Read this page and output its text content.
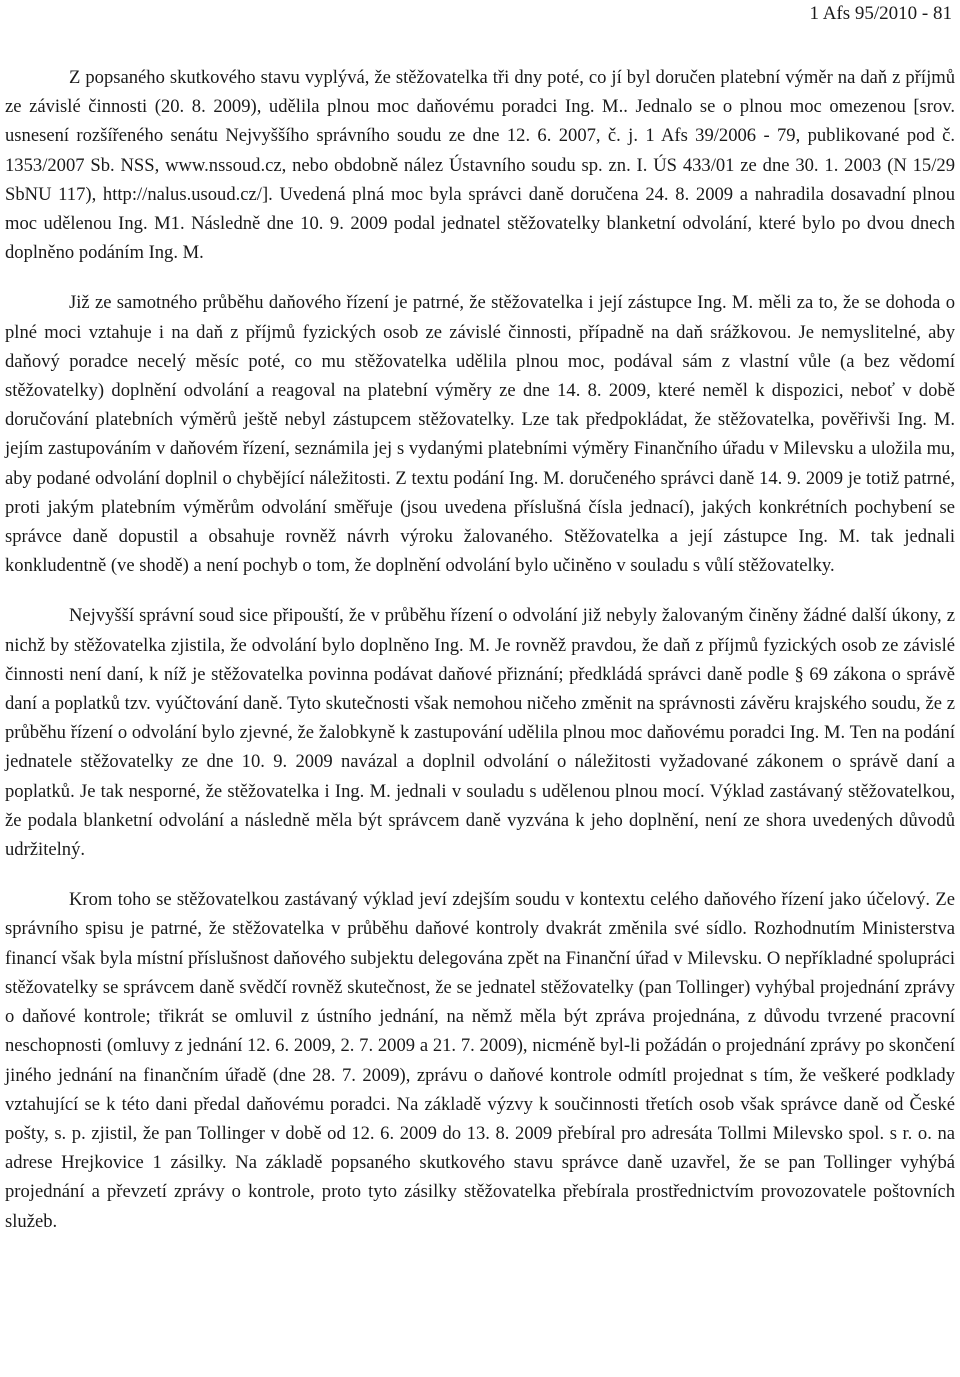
1 Afs 95/2010 - 81

Z popsaného skutkového stavu vyplývá, že stěžovatelka tři dny poté, co jí byl doručen platební výměr na daň z příjmů ze závislé činnosti (20. 8. 2009), udělila plnou moc daňovému poradci Ing. M.. Jednalo se o plnou moc omezenou [srov. usnesení rozšířeného senátu Nejvyššího správního soudu ze dne 12. 6. 2007, č. j. 1 Afs 39/2006 - 79, publikované pod č. 1353/2007 Sb. NSS, www.nssoud.cz, nebo obdobně nález Ústavního soudu sp. zn. I. ÚS 433/01 ze dne 30. 1. 2003 (N 15/29 SbNU 117), http://nalus.usoud.cz/]. Uvedená plná moc byla správci daně doručena 24. 8. 2009 a nahradila dosavadní plnou moc udělenou Ing. M1. Následně dne 10. 9. 2009 podal jednatel stěžovatelky blanketní odvolání, které bylo po dvou dnech doplněno podáním Ing. M.

Již ze samotného průběhu daňového řízení je patrné, že stěžovatelka i její zástupce Ing. M. měli za to, že se dohoda o plné moci vztahuje i na daň z příjmů fyzických osob ze závislé činnosti, případně na daň srážkovou. Je nemyslitelné, aby daňový poradce necelý měsíc poté, co mu stěžovatelka udělila plnou moc, podával sám z vlastní vůle (a bez vědomí stěžovatelky) doplnění odvolání a reagoval na platební výměry ze dne 14. 8. 2009, které neměl k dispozici, neboť v době doručování platebních výměrů ještě nebyl zástupcem stěžovatelky. Lze tak předpokládat, že stěžovatelka, pověřivši Ing. M. jejím zastupováním v daňovém řízení, seznámila jej s vydanými platebními výměry Finančního úřadu v Milevsku a uložila mu, aby podané odvolání doplnil o chybějící náležitosti. Z textu podání Ing. M. doručeného správci daně 14. 9. 2009 je totiž patrné, proti jakým platebním výměrům odvolání směřuje (jsou uvedena příslušná čísla jednací), jakých konkrétních pochybení se správce daně dopustil a obsahuje rovněž návrh výroku žalovaného. Stěžovatelka a její zástupce Ing. M. tak jednali konkludentně (ve shodě) a není pochyb o tom, že doplnění odvolání bylo učiněno v souladu s vůlí stěžovatelky.

Nejvyšší správní soud sice připouští, že v průběhu řízení o odvolání již nebyly žalovaným činěny žádné další úkony, z nichž by stěžovatelka zjistila, že odvolání bylo doplněno Ing. M. Je rovněž pravdou, že daň z příjmů fyzických osob ze závislé činnosti není daní, k níž je stěžovatelka povinna podávat daňové přiznání; předkládá správci daně podle § 69 zákona o správě daní a poplatků tzv. vyúčtování daně. Tyto skutečnosti však nemohou ničeho změnit na správnosti závěru krajského soudu, že z průběhu řízení o odvolání bylo zjevné, že žalobkyně k zastupování udělila plnou moc daňovému poradci Ing. M. Ten na podání jednatele stěžovatelky ze dne 10. 9. 2009 navázal a doplnil odvolání o náležitosti vyžadované zákonem o správě daní a poplatků. Je tak nesporné, že stěžovatelka i Ing. M. jednali v souladu s udělenou plnou mocí. Výklad zastávaný stěžovatelkou, že podala blanketní odvolání a následně měla být správcem daně vyzvána k jeho doplnění, není ze shora uvedených důvodů udržitelný.

Krom toho se stěžovatelkou zastávaný výklad jeví zdejším soudu v kontextu celého daňového řízení jako účelový. Ze správního spisu je patrné, že stěžovatelka v průběhu daňové kontroly dvakrát změnila své sídlo. Rozhodnutím Ministerstva financí však byla místní příslušnost daňového subjektu delegována zpět na Finanční úřad v Milevsku. O nepříkladné spolupráci stěžovatelky se správcem daně svědčí rovněž skutečnost, že se jednatel stěžovatelky (pan Tollinger) vyhýbal projednání zprávy o daňové kontrole; třikrát se omluvil z ústního jednání, na němž měla být zpráva projednána, z důvodu tvrzené pracovní neschopnosti (omluvy z jednání 12. 6. 2009, 2. 7. 2009 a 21. 7. 2009), nicméně byl-li požádán o projednání zprávy po skončení jiného jednání na finančním úřadě (dne 28. 7. 2009), zprávu o daňové kontrole odmítl projednat s tím, že veškeré podklady vztahující se k této dani předal daňovému poradci. Na základě výzvy k součinnosti třetích osob však správce daně od České pošty, s. p. zjistil, že pan Tollinger v době od 12. 6. 2009 do 13. 8. 2009 přebíral pro adresáta Tollmi Milevsko spol. s r. o. na adrese Hrejkovice 1 zásilky. Na základě popsaného skutkového stavu správce daně uzavřel, že se pan Tollinger vyhýbá projednání a převzetí zprávy o kontrole, proto tyto zásilky stěžovatelka přebírala prostřednictvím provozovatele poštovních služeb.
